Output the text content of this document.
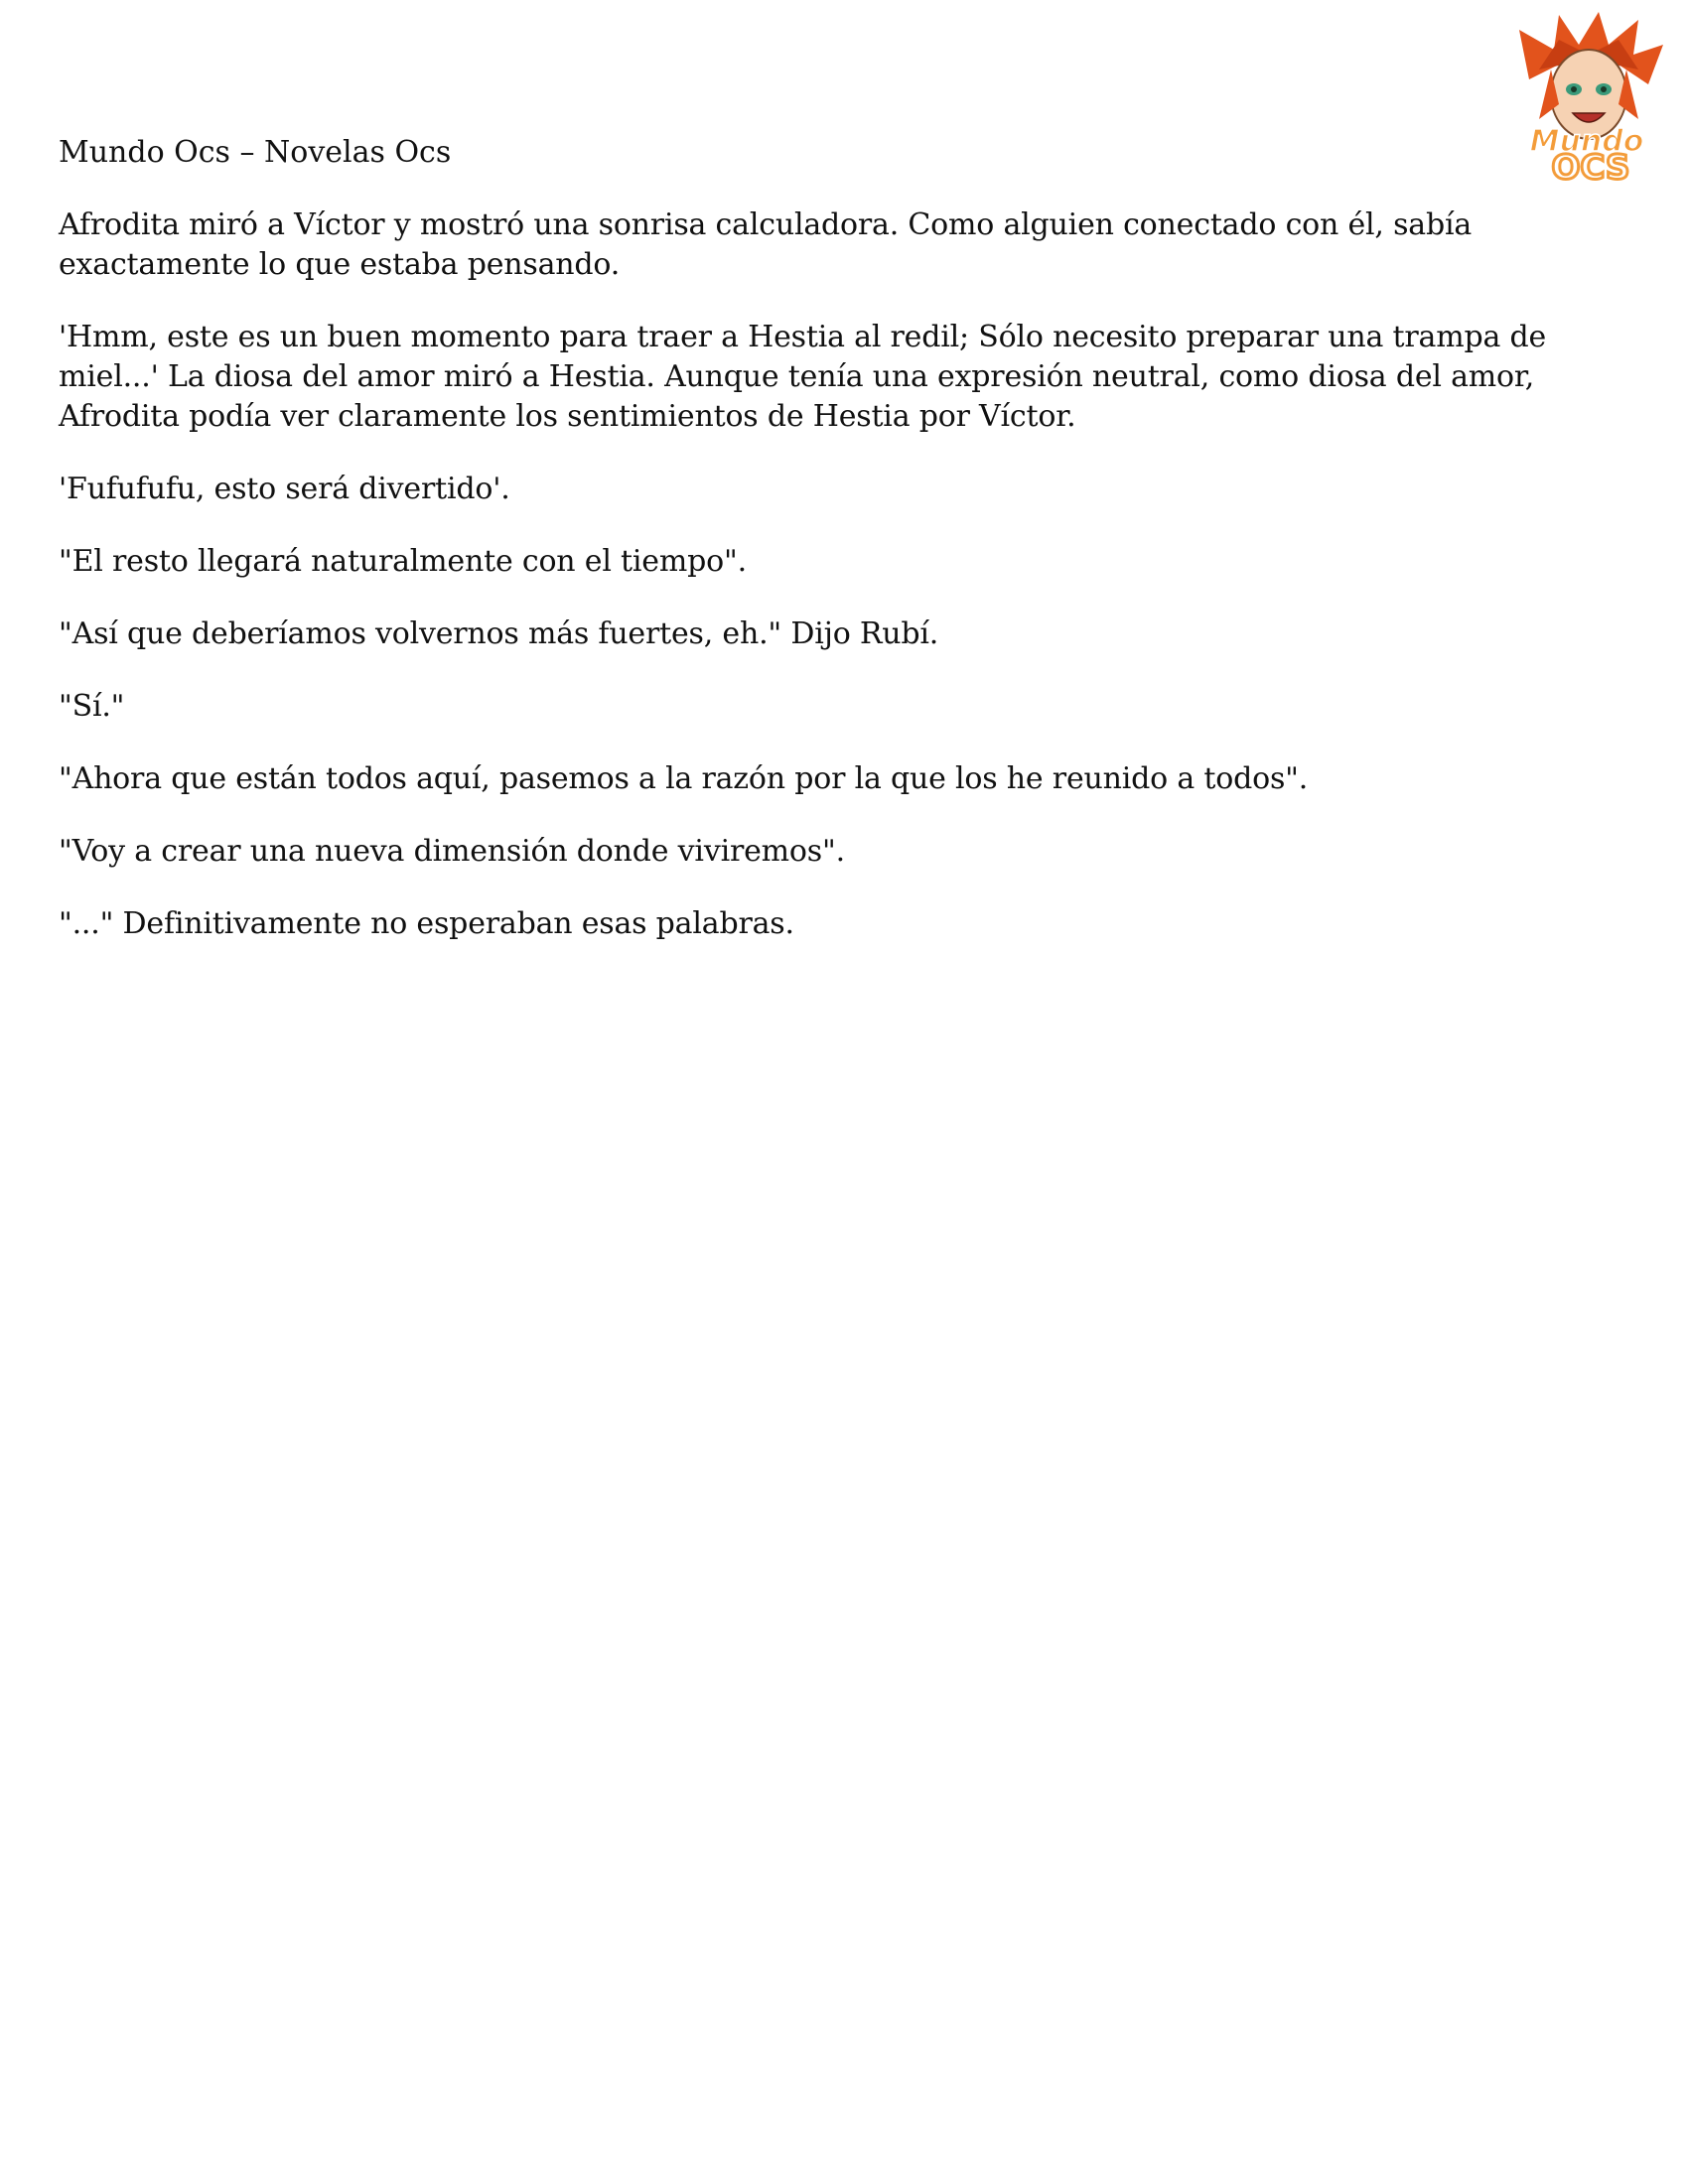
Mundo
OCS
Mundo Ocs – Novelas Ocs

Afrodita miró a Víctor y mostró una sonrisa calculadora. Como alguien conectado con él, sabía exactamente lo que estaba pensando.

'Hmm, este es un buen momento para traer a Hestia al redil; Sólo necesito preparar una trampa de miel...' La diosa del amor miró a Hestia. Aunque tenía una expresión neutral, como diosa del amor, Afrodita podía ver claramente los sentimientos de Hestia por Víctor.

'Fufufufu, esto será divertido'.

"El resto llegará naturalmente con el tiempo".

"Así que deberíamos volvernos más fuertes, eh." Dijo Rubí.

"Sí."

"Ahora que están todos aquí, pasemos a la razón por la que los he reunido a todos".

"Voy a crear una nueva dimensión donde viviremos".

"..." Definitivamente no esperaban esas palabras.
